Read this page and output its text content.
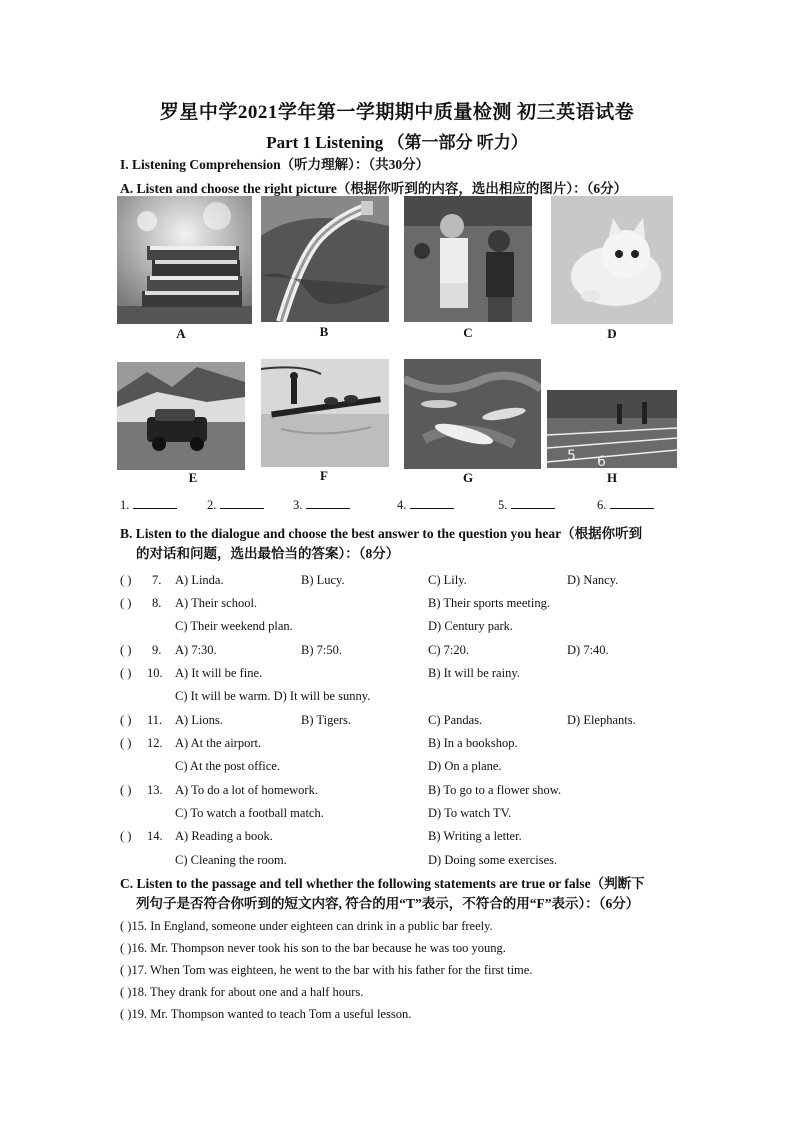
罗星中学2021学年第一学期期中质量检测 初三英语试卷
Part 1 Listening （第一部分 听力）
I. Listening Comprehension（听力理解）：（共30分）
A. Listen and choose the right picture（根据你听到的内容，选出相应的图片）：（6分）
A	B	C	D
5 6
E	F	G	H
1.	2.	3.	4.	5.	6.
B. Listen to the dialogue and choose the best answer to the question you hear（根据你听到
的对话和问题，选出最恰当的答案）：（8分）
( ) 7. A) Linda.	B) Lucy.	C) Lily.	D) Nancy.
( ) 8. A) Their school.	B) Their sports meeting.
C) Their weekend plan.	D) Century park.
( ) 9. A) 7:30.	B) 7:50.	C) 7:20.	D) 7:40.
( ) 10. A) It will be fine.	B) It will be rainy.
C) It will be warm. D) It will be sunny.
( ) 11. A) Lions.	B) Tigers.	C) Pandas.	D) Elephants.
( ) 12. A) At the airport.	B) In a bookshop.
C) At the post office.	D) On a plane.
( ) 13. A) To do a lot of homework.	B) To go to a flower show.
C) To watch a football match.	D) To watch TV.
( ) 14. A) Reading a book.	B) Writing a letter.
C) Cleaning the room.	D) Doing some exercises.
C. Listen to the passage and tell whether the following statements are true or false（判断下
列句子是否符合你听到的短文内容, 符合的用“T”表示，不符合的用“F”表示）：（6分）
( )15. In England, someone under eighteen can drink in a public bar freely.
( )16. Mr. Thompson never took his son to the bar because he was too young.
( )17. When Tom was eighteen, he went to the bar with his father for the first time.
( )18. They drank for about one and a half hours.
( )19. Mr. Thompson wanted to teach Tom a useful lesson.
